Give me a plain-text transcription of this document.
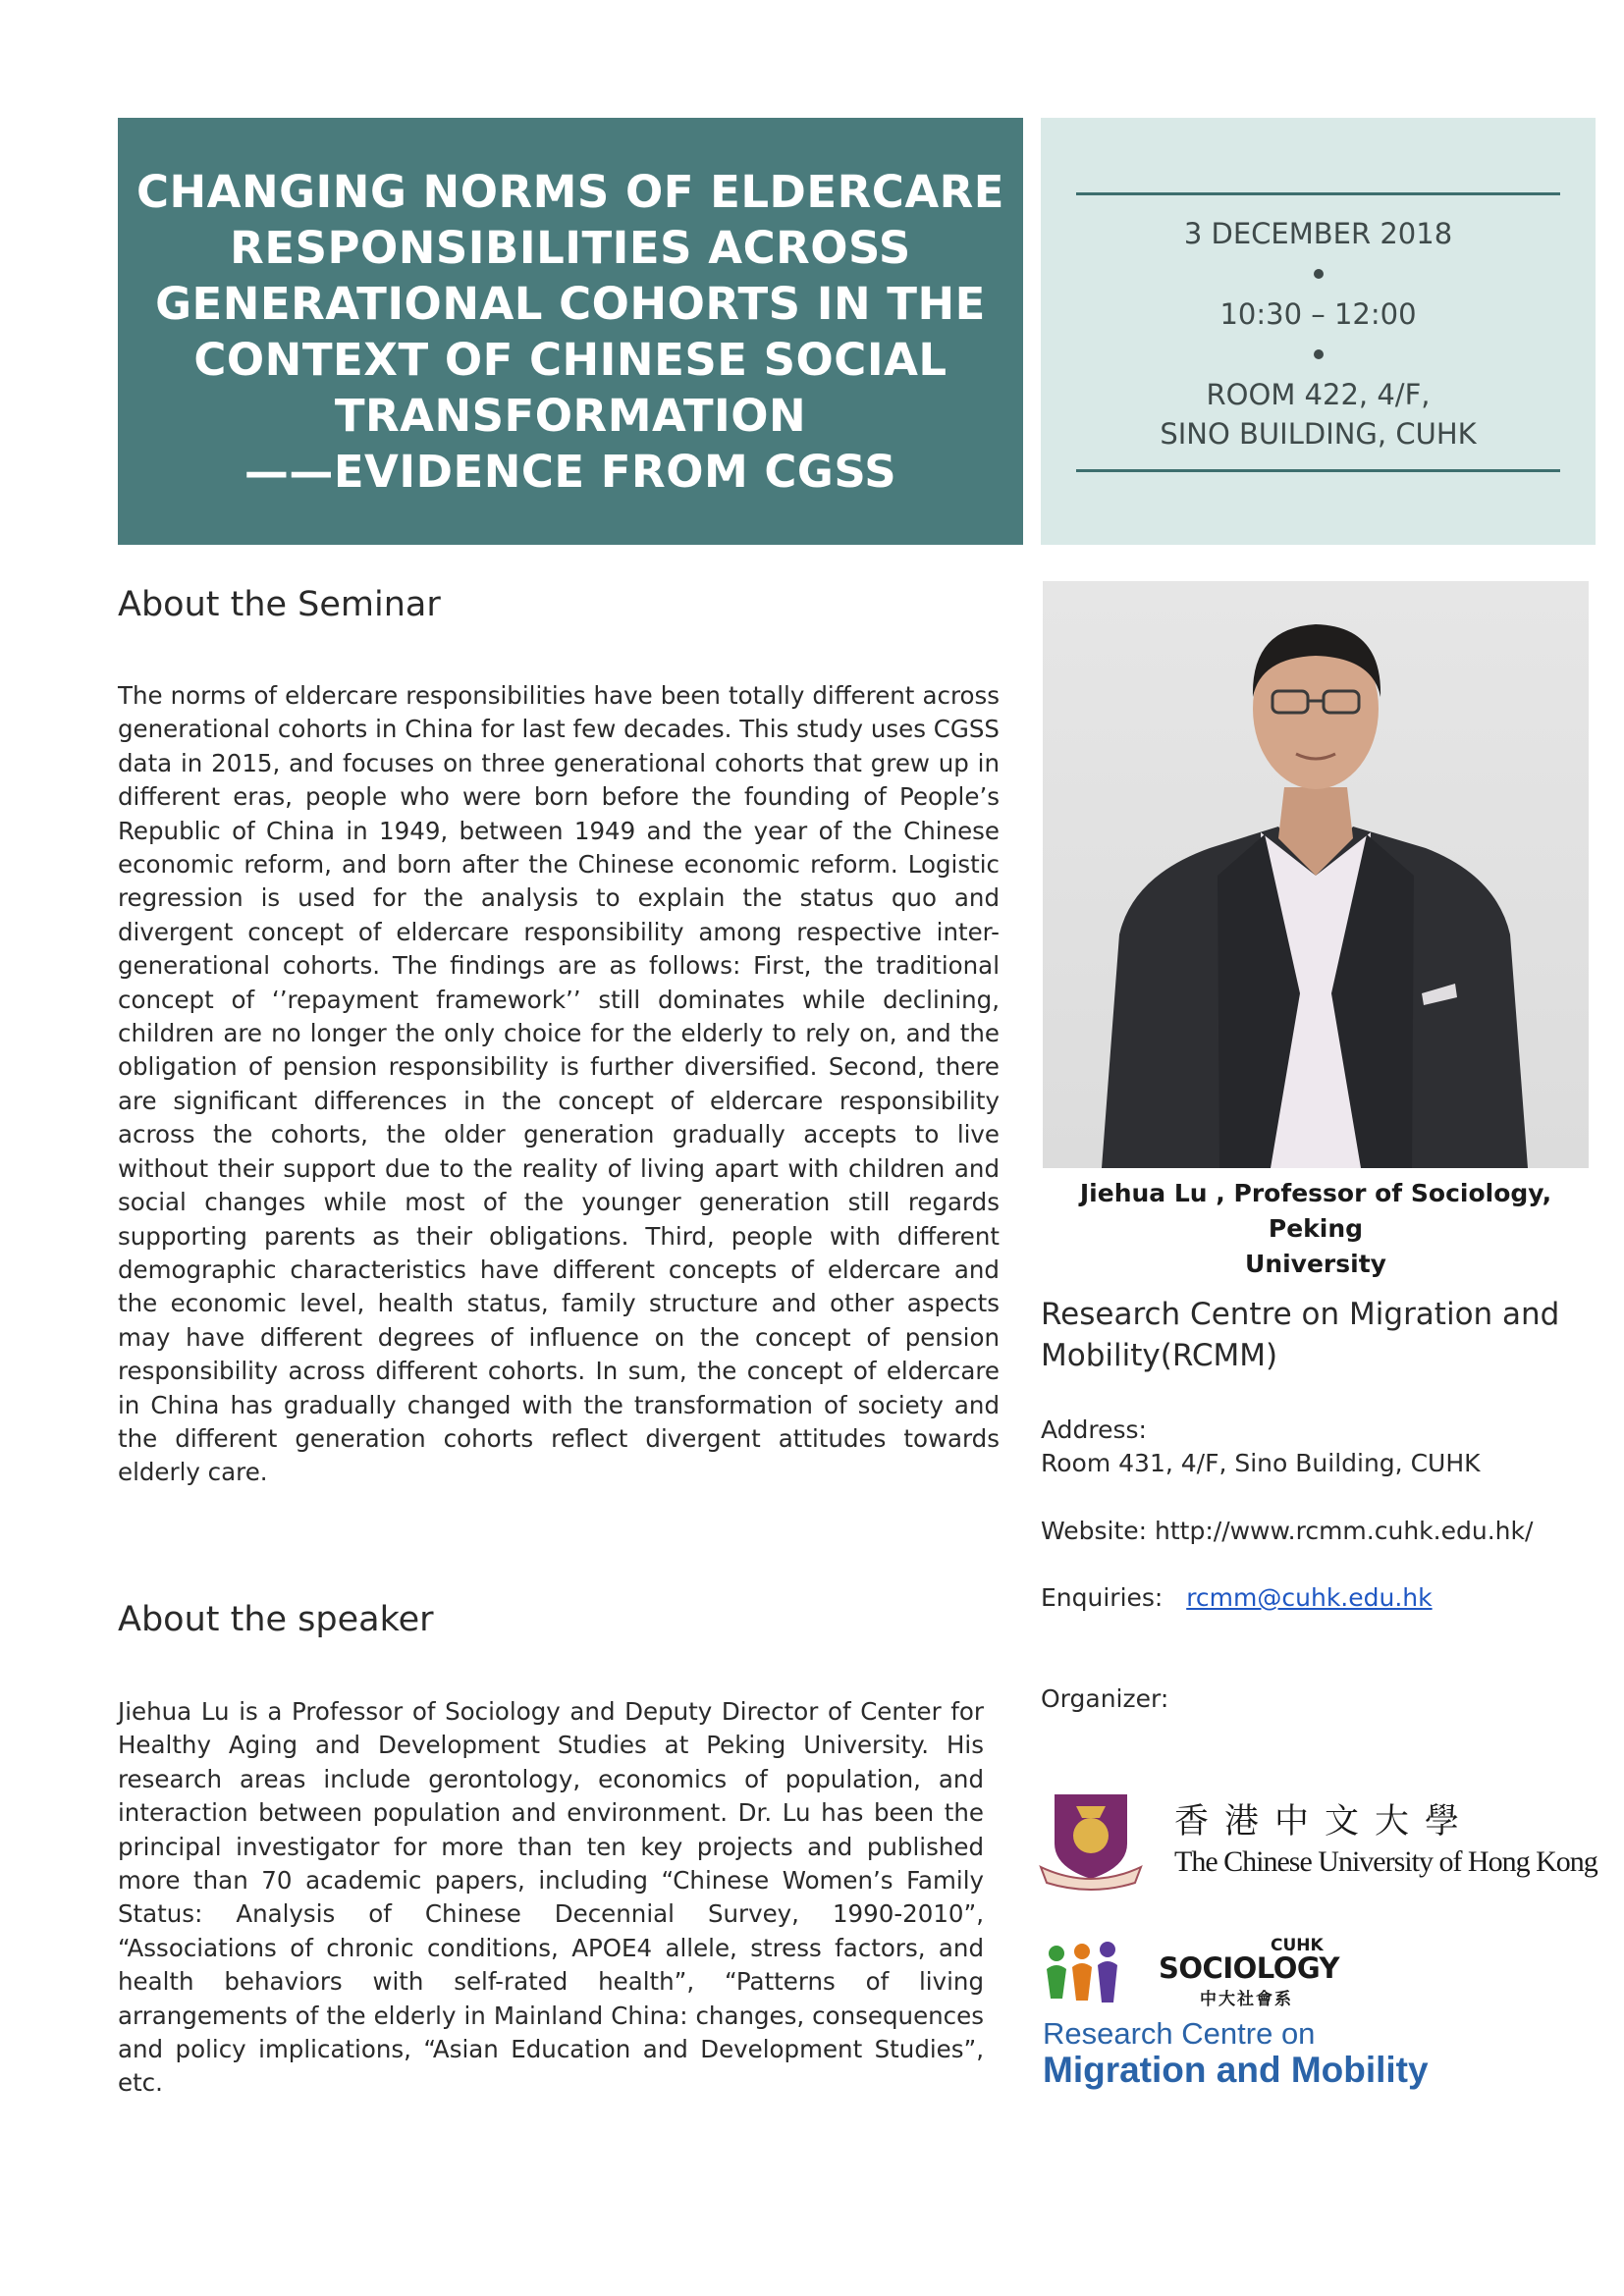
CHANGING NORMS OF ELDERCARE
RESPONSIBILITIES ACROSS
GENERATIONAL COHORTS IN THE
CONTEXT OF CHINESE SOCIAL
TRANSFORMATION
——EVIDENCE FROM CGSS
3 DECEMBER 2018
10:30 – 12:00
ROOM 422, 4/F,
SINO BUILDING, CUHK
About the Seminar

The norms of eldercare responsibilities have been totally different across generational cohorts in China for last few decades. This study uses CGSS data in 2015, and focuses on three generational cohorts that grew up in different eras, people who were born before the founding of People’s Republic of China in 1949, between 1949 and the year of the Chinese economic reform, and born after the Chinese economic reform. Logistic regression is used for the analysis to explain the status quo and divergent concept of eldercare responsibility among respective inter-generational cohorts. The findings are as follows: First, the traditional concept of ‘’repayment framework’’ still dominates while declining, children are no longer the only choice for the elderly to rely on, and the obligation of pension responsibility is further diversified. Second, there are significant differences in the concept of eldercare responsibility across the cohorts, the older generation gradually accepts to live without their support due to the reality of living apart with children and social changes while most of the younger generation still regards supporting parents as their obligations. Third, people with different demographic characteristics have different concepts of eldercare and the economic level, health status, family structure and other aspects may have different degrees of influence on the concept of pension responsibility across different cohorts. In sum, the concept of eldercare in China has gradually changed with the transformation of society and the different generation cohorts reflect divergent attitudes towards elderly care.

About the speaker

Jiehua Lu is a Professor of Sociology and Deputy Director of Center for Healthy Aging and Development Studies at Peking University. His research areas include gerontology, economics of population, and interaction between population and environment. Dr. Lu has been the principal investigator for more than ten key projects and published more than 70 academic papers, including “Chinese Women’s Family Status: Analysis of Chinese Decennial Survey, 1990-2010”, “Associations of chronic conditions, APOE4 allele, stress factors, and health behaviors with self-rated health”, “Patterns of living arrangements of the elderly in Mainland China: changes, consequences and policy implications, “Asian Education and Development Studies”, etc.

Jiehua Lu , Professor of Sociology, Peking
University
Research Centre on Migration and
Mobility(RCMM)
Address:
Room 431, 4/F, Sino Building, CUHK
Website: http://www.rcmm.cuhk.edu.hk/
Enquiries: rcmm@cuhk.edu.hk
Organizer:
香港中文大學
The Chinese University of Hong Kong
CUHK
SOCIOLOGY
中大社會系
Research Centre on
Migration and Mobility
